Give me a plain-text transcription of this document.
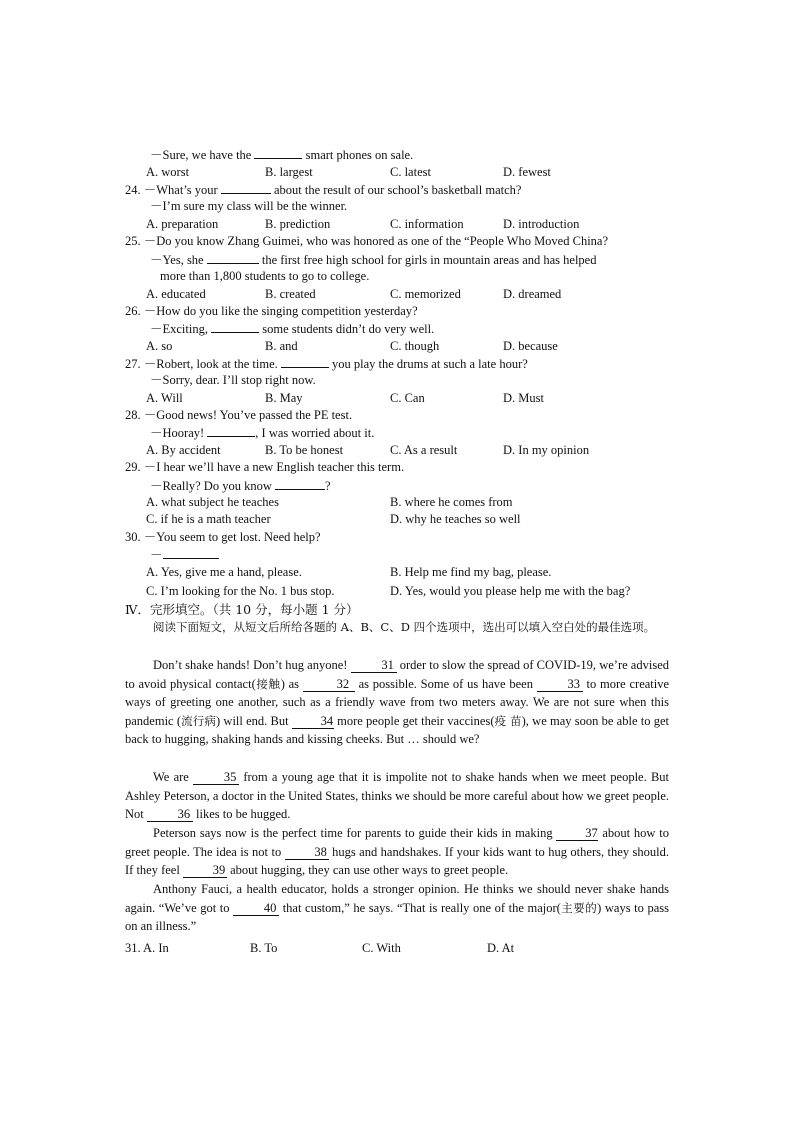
－Sure, we have the	smart phones on sale.
A. worst	B. largest	C. latest	D. fewest
24. －What’s your	about the result of our school’s basketball match?
－I’m sure my class will be the winner.
A. preparation	B. prediction	C. information	D. introduction
25. －Do you know Zhang Guimei, who was honored as one of the “People Who Moved China?
－Yes, she	the first free high school for girls in mountain areas and has helped
more than 1,800 students to go to college.
A. educated	B. created	C. memorized	D. dreamed
26. －How do you like the singing competition yesterday?
－Exciting,	some students didn’t do very well.
A. so	B. and	C. though	D. because
27. －Robert, look at the time.	you play the drums at such a late hour?
－Sorry, dear. I’ll stop right now.
A. Will	B. May	C. Can	D. Must
28. －Good news! You’ve passed the PE test.
－Hooray!	, I was worried about it.
A. By accident	B. To be honest	C. As a result	D. In my opinion
29. －I hear we’ll have a new English teacher this term.
－Really? Do you know	?
A. what subject he teaches	B. where he comes from
C. if he is a math teacher	D. why he teaches so well
30. －You seem to get lost. Need help?
－
A. Yes, give me a hand, please.	B. Help me find my bag, please.
C. I’m looking for the No. 1 bus stop.	D. Yes, would you please help me with the bag?
Ⅳ．完形填空。（共 10 分，每小题 1 分）
阅读下面短文，从短文后所给各题的 A、B、C、D 四个选项中，选出可以填入空白处的最佳选项。
Don’t shake hands! Don’t hug anyone!	31 order to slow the spread of COVID-19, we’re advised to avoid physical contact(接触) as	32 as possible. Some of us have been	33 to more creative ways of greeting one another, such as a friendly wave from two meters away. We are not sure when this pandemic (流行病) will end. But	34 more people get their vaccines(疫 苗), we may soon be able to get back to hugging, shaking hands and kissing cheeks. But … should we?
We are	35 from a young age that it is impolite not to shake hands when we meet people. But Ashley Peterson, a doctor in the United States, thinks we should be more careful about how we greet people. Not	36 likes to be hugged.
Peterson says now is the perfect time for parents to guide their kids in making	37 about how to greet people. The idea is not to	38 hugs and handshakes. If your kids want to hug others, they should. If they feel	39 about hugging, they can use other ways to greet people.
Anthony Fauci, a health educator, holds a stronger opinion. He thinks we should never shake hands again. “We’ve got to	40 that custom,” he says. “That is really one of the major(主要的) ways to pass on an illness.”
31. A. In	B. To	C. With	D. At
